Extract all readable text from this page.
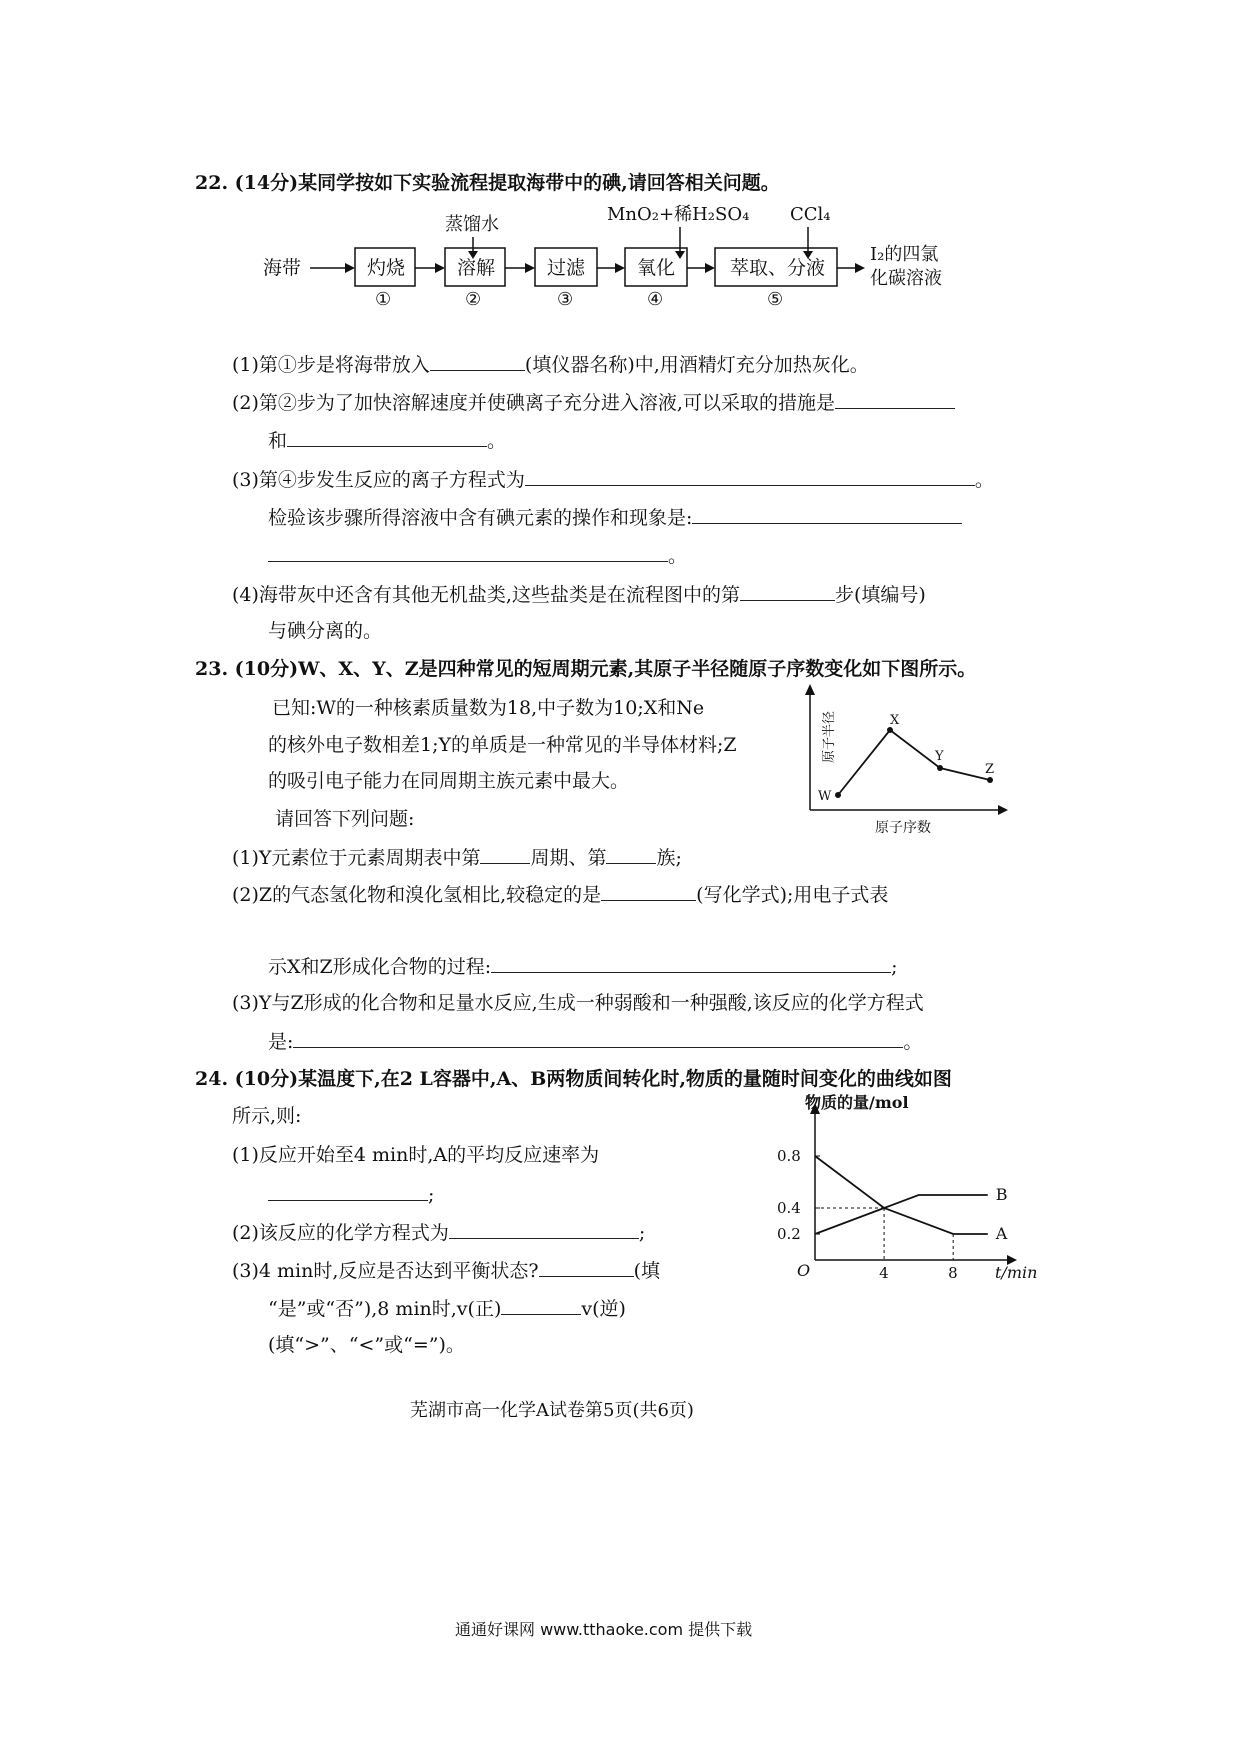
22. (14分)某同学按如下实验流程提取海带中的碘,请回答相关问题。
蒸馏水	MnO₂+稀H₂SO₄ CCl₄
海带	灼烧
①
溶解
②
过滤
③
氧化
④
萃取、分液
⑤
I₂的四氯
化碳溶液
(1)第①步是将海带放入	(填仪器名称)中,用酒精灯充分加热灰化。
(2)第②步为了加快溶解速度并使碘离子充分进入溶液,可以采取的措施是
和	。
(3)第④步发生反应的离子方程式为	。
检验该步骤所得溶液中含有碘元素的操作和现象是:
。
(4)海带灰中还含有其他无机盐类,这些盐类是在流程图中的第	步(填编号)
与碘分离的。
23. (10分)W、X、Y、Z是四种常见的短周期元素,其原子半径随原子序数变化如下图所示。
已知:W的一种核素质量数为18,中子数为10;X和Ne
的核外电子数相差1;Y的单质是一种常见的半导体材料;Z
的吸引电子能力在同周期主族元素中最大。
请回答下列问题:
原子半径
原子序数
W
X
Y
Z
(1)Y元素位于元素周期表中第	周期、第	族;
(2)Z的气态氢化物和溴化氢相比,较稳定的是	(写化学式);用电子式表
示X和Z形成化合物的过程:	;
(3)Y与Z形成的化合物和足量水反应,生成一种弱酸和一种强酸,该反应的化学方程式
是:	。
24. (10分)某温度下,在2 L容器中,A、B两物质间转化时,物质的量随时间变化的曲线如图
所示,则:
(1)反应开始至4 min时,A的平均反应速率为
;
(2)该反应的化学方程式为	;
(3)4 min时,反应是否达到平衡状态?	(填
“是”或“否”),8 min时,v(正)	v(逆)
(填“>”、“<”或“=”)。
0.8
0.4
0.2
4	8
A
B
物质的量/mol
t/min
O
芜湖市高一化学A试卷第5页(共6页)
通通好课网 www.tthaoke.com 提供下载
